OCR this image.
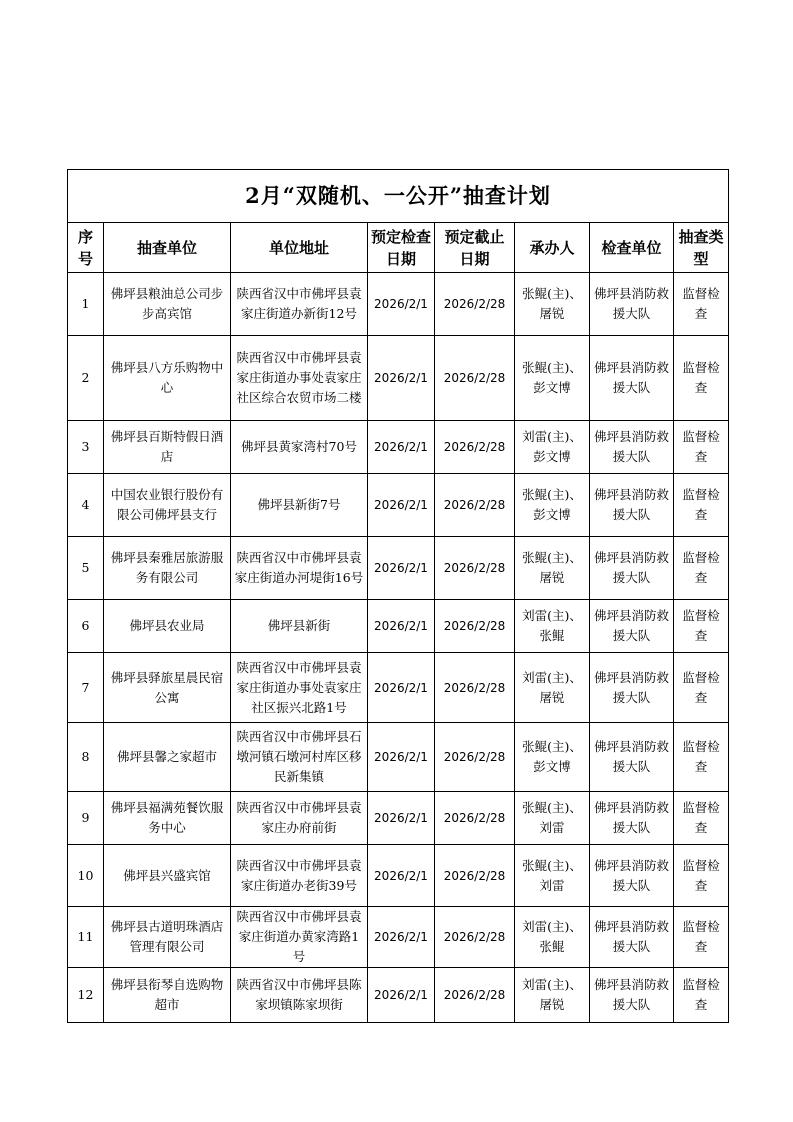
2月“双随机、一公开”抽查计划							
序号	抽查单位	单位地址	预定检查日期	预定截止日期	承办人	检查单位	抽查类型
1	佛坪县粮油总公司步步高宾馆	陕西省汉中市佛坪县袁家庄街道办新街12号	2026/2/1	2026/2/28	张鲲(主)、屠锐	佛坪县消防救援大队	监督检查
2	佛坪县八方乐购物中心	陕西省汉中市佛坪县袁家庄街道办事处袁家庄社区综合农贸市场二楼	2026/2/1	2026/2/28	张鲲(主)、彭文博	佛坪县消防救援大队	监督检查
3	佛坪县百斯特假日酒店	佛坪县黄家湾村70号	2026/2/1	2026/2/28	刘雷(主)、彭文博	佛坪县消防救援大队	监督检查
4	中国农业银行股份有限公司佛坪县支行	佛坪县新街7号	2026/2/1	2026/2/28	张鲲(主)、彭文博	佛坪县消防救援大队	监督检查
5	佛坪县秦雅居旅游服务有限公司	陕西省汉中市佛坪县袁家庄街道办河堤街16号	2026/2/1	2026/2/28	张鲲(主)、屠锐	佛坪县消防救援大队	监督检查
6	佛坪县农业局	佛坪县新街	2026/2/1	2026/2/28	刘雷(主)、张鲲	佛坪县消防救援大队	监督检查
7	佛坪县驿旅星晨民宿公寓	陕西省汉中市佛坪县袁家庄街道办事处袁家庄社区振兴北路1号	2026/2/1	2026/2/28	刘雷(主)、屠锐	佛坪县消防救援大队	监督检查
8	佛坪县馨之家超市	陕西省汉中市佛坪县石墩河镇石墩河村库区移民新集镇	2026/2/1	2026/2/28	张鲲(主)、彭文博	佛坪县消防救援大队	监督检查
9	佛坪县福满苑餐饮服务中心	陕西省汉中市佛坪县袁家庄办府前街	2026/2/1	2026/2/28	张鲲(主)、刘雷	佛坪县消防救援大队	监督检查
10	佛坪县兴盛宾馆	陕西省汉中市佛坪县袁家庄街道办老街39号	2026/2/1	2026/2/28	张鲲(主)、刘雷	佛坪县消防救援大队	监督检查
11	佛坪县古道明珠酒店管理有限公司	陕西省汉中市佛坪县袁家庄街道办黄家湾路1号	2026/2/1	2026/2/28	刘雷(主)、张鲲	佛坪县消防救援大队	监督检查
12	佛坪县衔琴自选购物超市	陕西省汉中市佛坪县陈家坝镇陈家坝街	2026/2/1	2026/2/28	刘雷(主)、屠锐	佛坪县消防救援大队	监督检查
